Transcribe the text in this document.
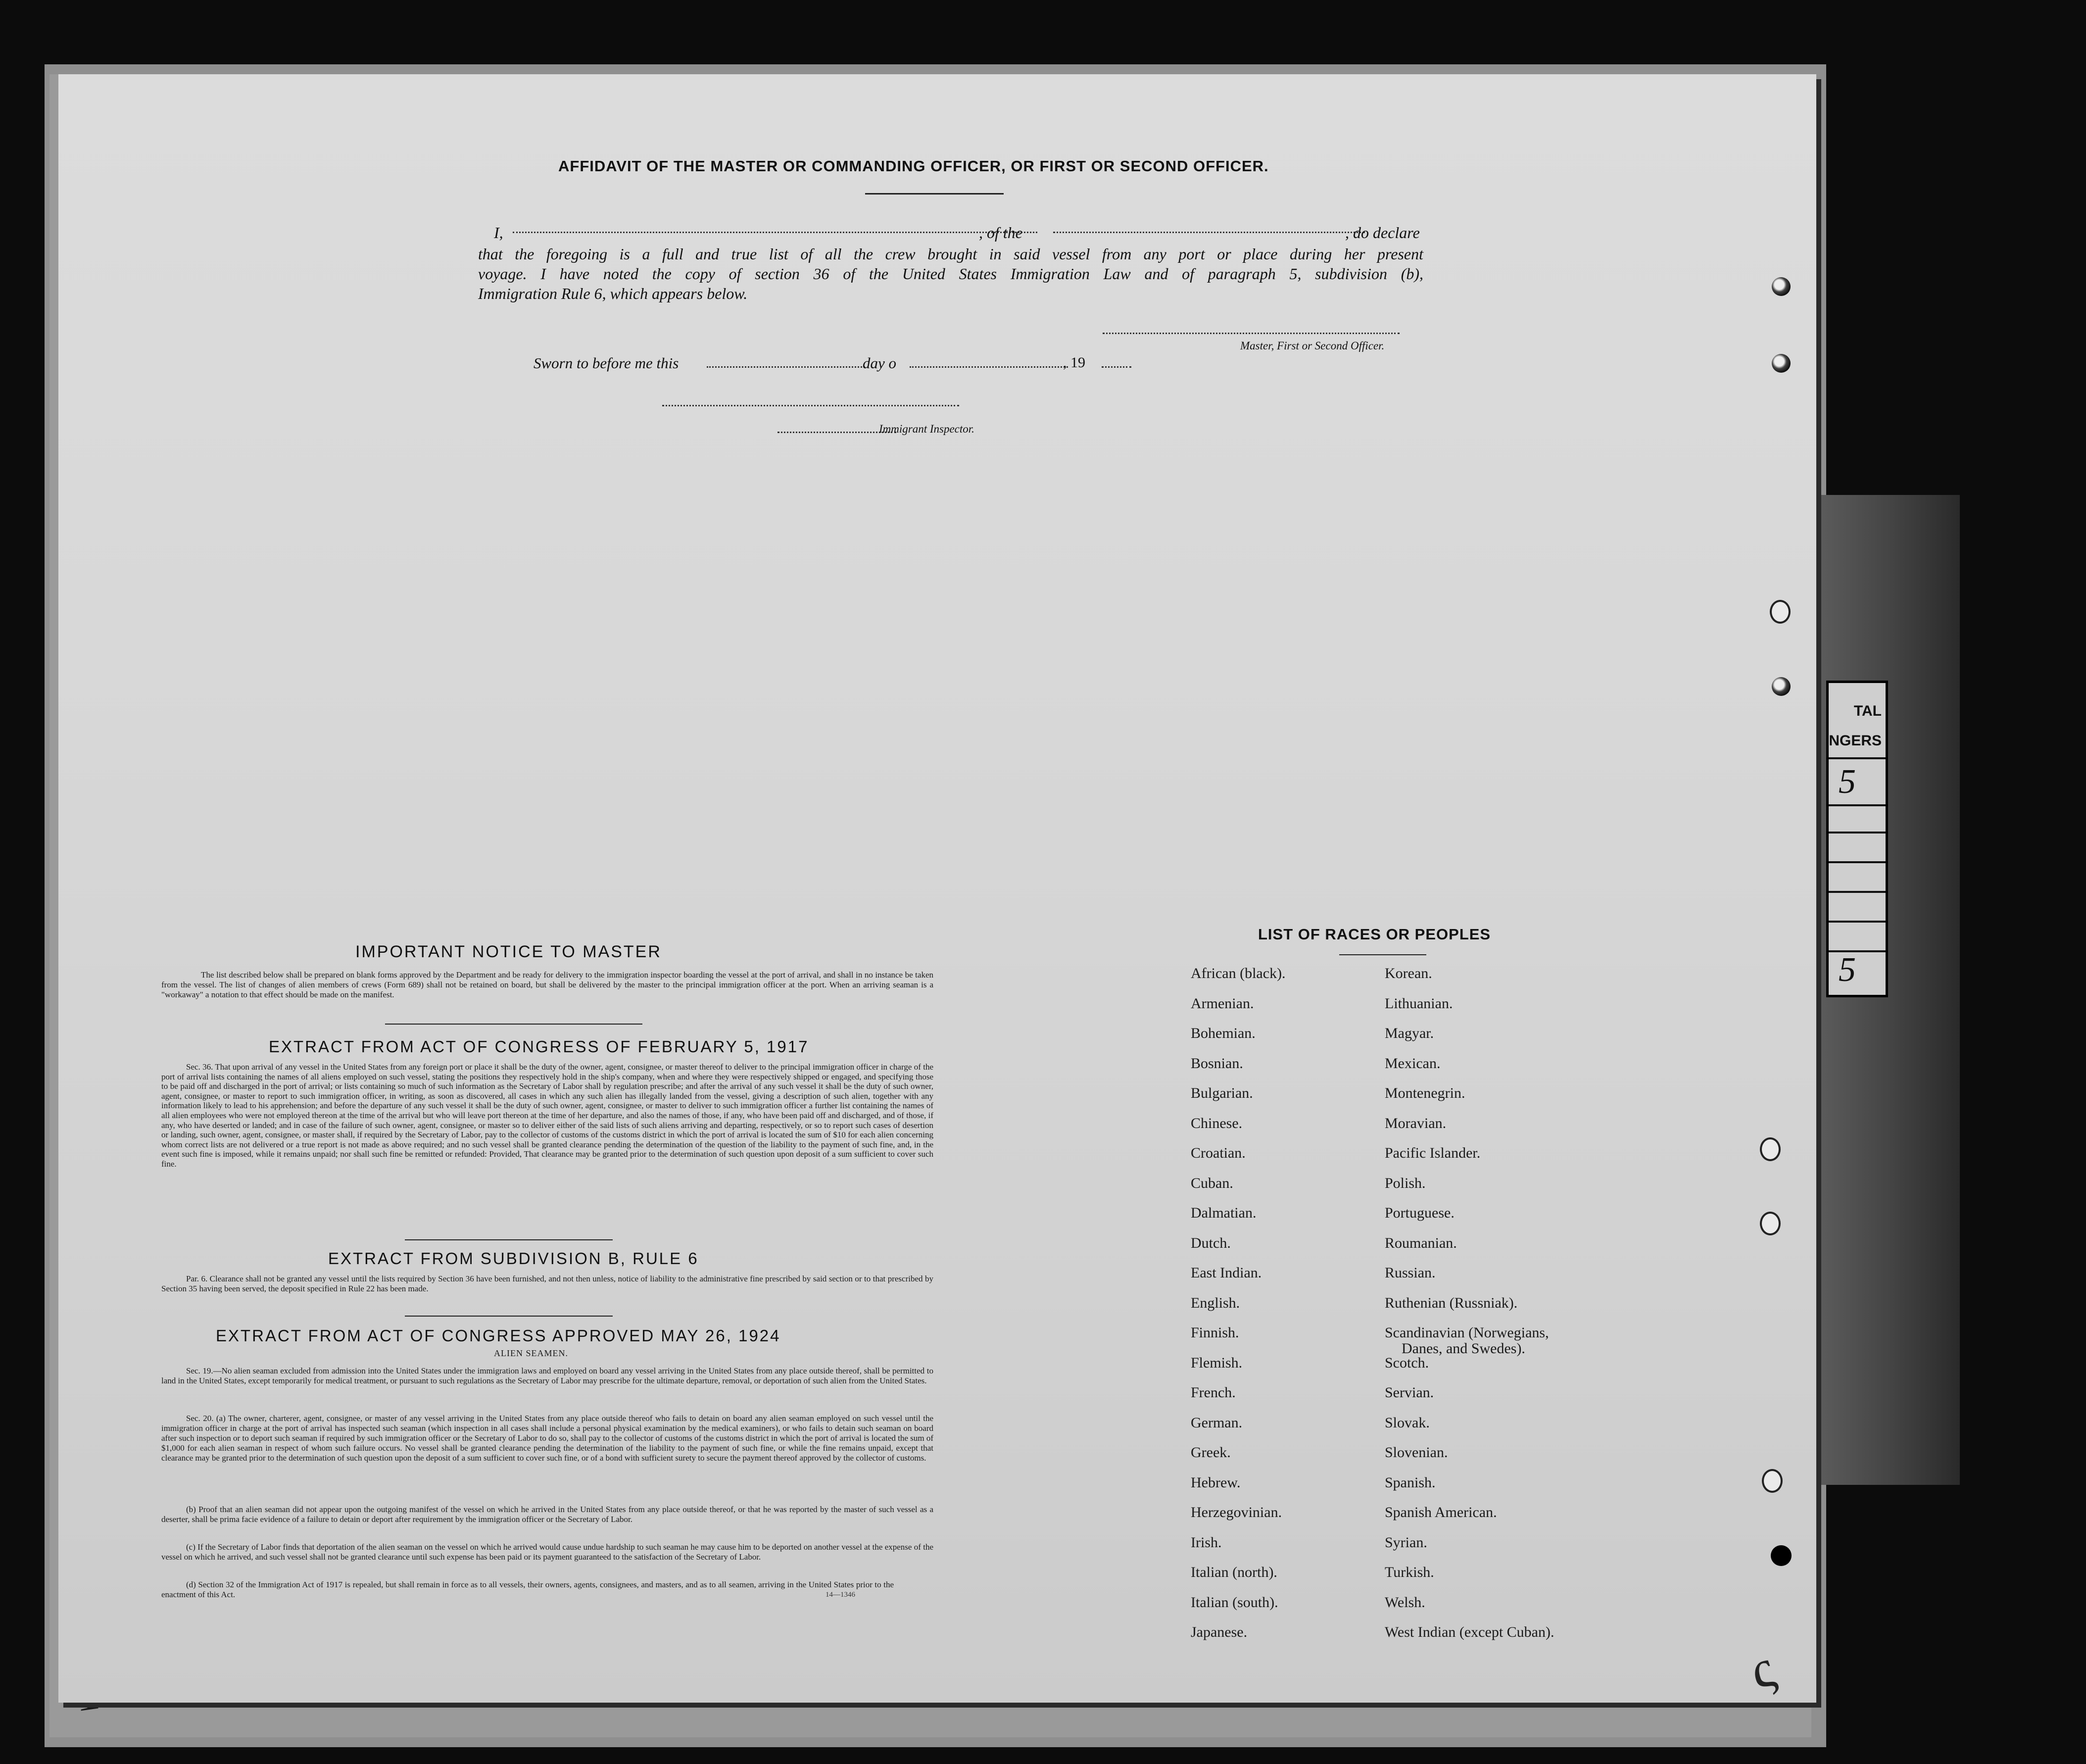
TAL
NGERS
5
5
AFFIDAVIT OF THE MASTER OR COMMANDING OFFICER, OR FIRST OR SECOND OFFICER.
I,	, of the	, do declare
that the foregoing is a full and true list of all the crew brought in said vessel from any port or place during her present
voyage. I have noted the copy of section 36 of the United States Immigration Law and of paragraph 5, subdivision (b),
Immigration Rule 6, which appears below.
Master, First or Second Officer.
Sworn to before me this	day o	, 19
Immigrant Inspector.
IMPORTANT NOTICE TO MASTER
The list described below shall be prepared on blank forms approved by the Department and be ready for delivery to the immigration inspector boarding the vessel at the port of arrival, and shall in no instance be taken from the vessel. The list of changes of alien members of crews (Form 689) shall not be retained on board, but shall be delivered by the master to the principal immigration officer at the port. When an arriving seaman is a "workaway" a notation to that effect should be made on the manifest.
EXTRACT FROM ACT OF CONGRESS OF FEBRUARY 5, 1917
Sec. 36. That upon arrival of any vessel in the United States from any foreign port or place it shall be the duty of the owner, agent, consignee, or master thereof to deliver to the principal immigration officer in charge of the port of arrival lists containing the names of all aliens employed on such vessel, stating the positions they respectively hold in the ship's company, when and where they were respectively shipped or engaged, and specifying those to be paid off and discharged in the port of arrival; or lists containing so much of such information as the Secretary of Labor shall by regulation prescribe; and after the arrival of any such vessel it shall be the duty of such owner, agent, consignee, or master to report to such immigration officer, in writing, as soon as discovered, all cases in which any such alien has illegally landed from the vessel, giving a description of such alien, together with any information likely to lead to his apprehension; and before the departure of any such vessel it shall be the duty of such owner, agent, consignee, or master to deliver to such immigration officer a further list containing the names of all alien employees who were not employed thereon at the time of the arrival but who will leave port thereon at the time of her departure, and also the names of those, if any, who have been paid off and discharged, and of those, if any, who have deserted or landed; and in case of the failure of such owner, agent, consignee, or master so to deliver either of the said lists of such aliens arriving and departing, respectively, or so to report such cases of desertion or landing, such owner, agent, consignee, or master shall, if required by the Secretary of Labor, pay to the collector of customs of the customs district in which the port of arrival is located the sum of $10 for each alien concerning whom correct lists are not delivered or a true report is not made as above required; and no such vessel shall be granted clearance pending the determination of the question of the liability to the payment of such fine, and, in the event such fine is imposed, while it remains unpaid; nor shall such fine be remitted or refunded: Provided, That clearance may be granted prior to the determination of such question upon deposit of a sum sufficient to cover such fine.
EXTRACT FROM SUBDIVISION B, RULE 6
Par. 6. Clearance shall not be granted any vessel until the lists required by Section 36 have been furnished, and not then unless, notice of liability to the administrative fine prescribed by said section or to that prescribed by Section 35 having been served, the deposit specified in Rule 22 has been made.
EXTRACT FROM ACT OF CONGRESS APPROVED MAY 26, 1924
ALIEN SEAMEN.
Sec. 19.—No alien seaman excluded from admission into the United States under the immigration laws and employed on board any vessel arriving in the United States from any place outside thereof, shall be permitted to land in the United States, except temporarily for medical treatment, or pursuant to such regulations as the Secretary of Labor may prescribe for the ultimate departure, removal, or deportation of such alien from the United States.
Sec. 20. (a) The owner, charterer, agent, consignee, or master of any vessel arriving in the United States from any place outside thereof who fails to detain on board any alien seaman employed on such vessel until the immigration officer in charge at the port of arrival has inspected such seaman (which inspection in all cases shall include a personal physical examination by the medical examiners), or who fails to detain such seaman on board after such inspection or to deport such seaman if required by such immigration officer or the Secretary of Labor to do so, shall pay to the collector of customs of the customs district in which the port of arrival is located the sum of $1,000 for each alien seaman in respect of whom such failure occurs. No vessel shall be granted clearance pending the determination of the liability to the payment of such fine, or while the fine remains unpaid, except that clearance may be granted prior to the determination of such question upon the deposit of a sum sufficient to cover such fine, or of a bond with sufficient surety to secure the payment thereof approved by the collector of customs.
(b) Proof that an alien seaman did not appear upon the outgoing manifest of the vessel on which he arrived in the United States from any place outside thereof, or that he was reported by the master of such vessel as a deserter, shall be prima facie evidence of a failure to detain or deport after requirement by the immigration officer or the Secretary of Labor.
(c) If the Secretary of Labor finds that deportation of the alien seaman on the vessel on which he arrived would cause undue hardship to such seaman he may cause him to be deported on another vessel at the expense of the vessel on which he arrived, and such vessel shall not be granted clearance until such expense has been paid or its payment guaranteed to the satisfaction of the Secretary of Labor.
(d) Section 32 of the Immigration Act of 1917 is repealed, but shall remain in force as to all vessels, their owners, agents, consignees, and masters, and as to all seamen, arriving in the United States prior to the enactment of this Act.	14—1346
LIST OF RACES OR PEOPLES
African (black).
Armenian.
Bohemian.
Bosnian.
Bulgarian.
Chinese.
Croatian.
Cuban.
Dalmatian.
Dutch.
East Indian.
English.
Finnish.
Flemish.
French.
German.
Greek.
Hebrew.
Herzegovinian.
Irish.
Italian (north).
Italian (south).
Japanese.
Korean.
Lithuanian.
Magyar.
Mexican.
Montenegrin.
Moravian.
Pacific Islander.
Polish.
Portuguese.
Roumanian.
Russian.
Ruthenian (Russniak).
Scandinavian (Norwegians,
Danes, and Swedes).
Scotch.
Servian.
Slovak.
Slovenian.
Spanish.
Spanish American.
Syrian.
Turkish.
Welsh.
West Indian (except Cuban).
ς
